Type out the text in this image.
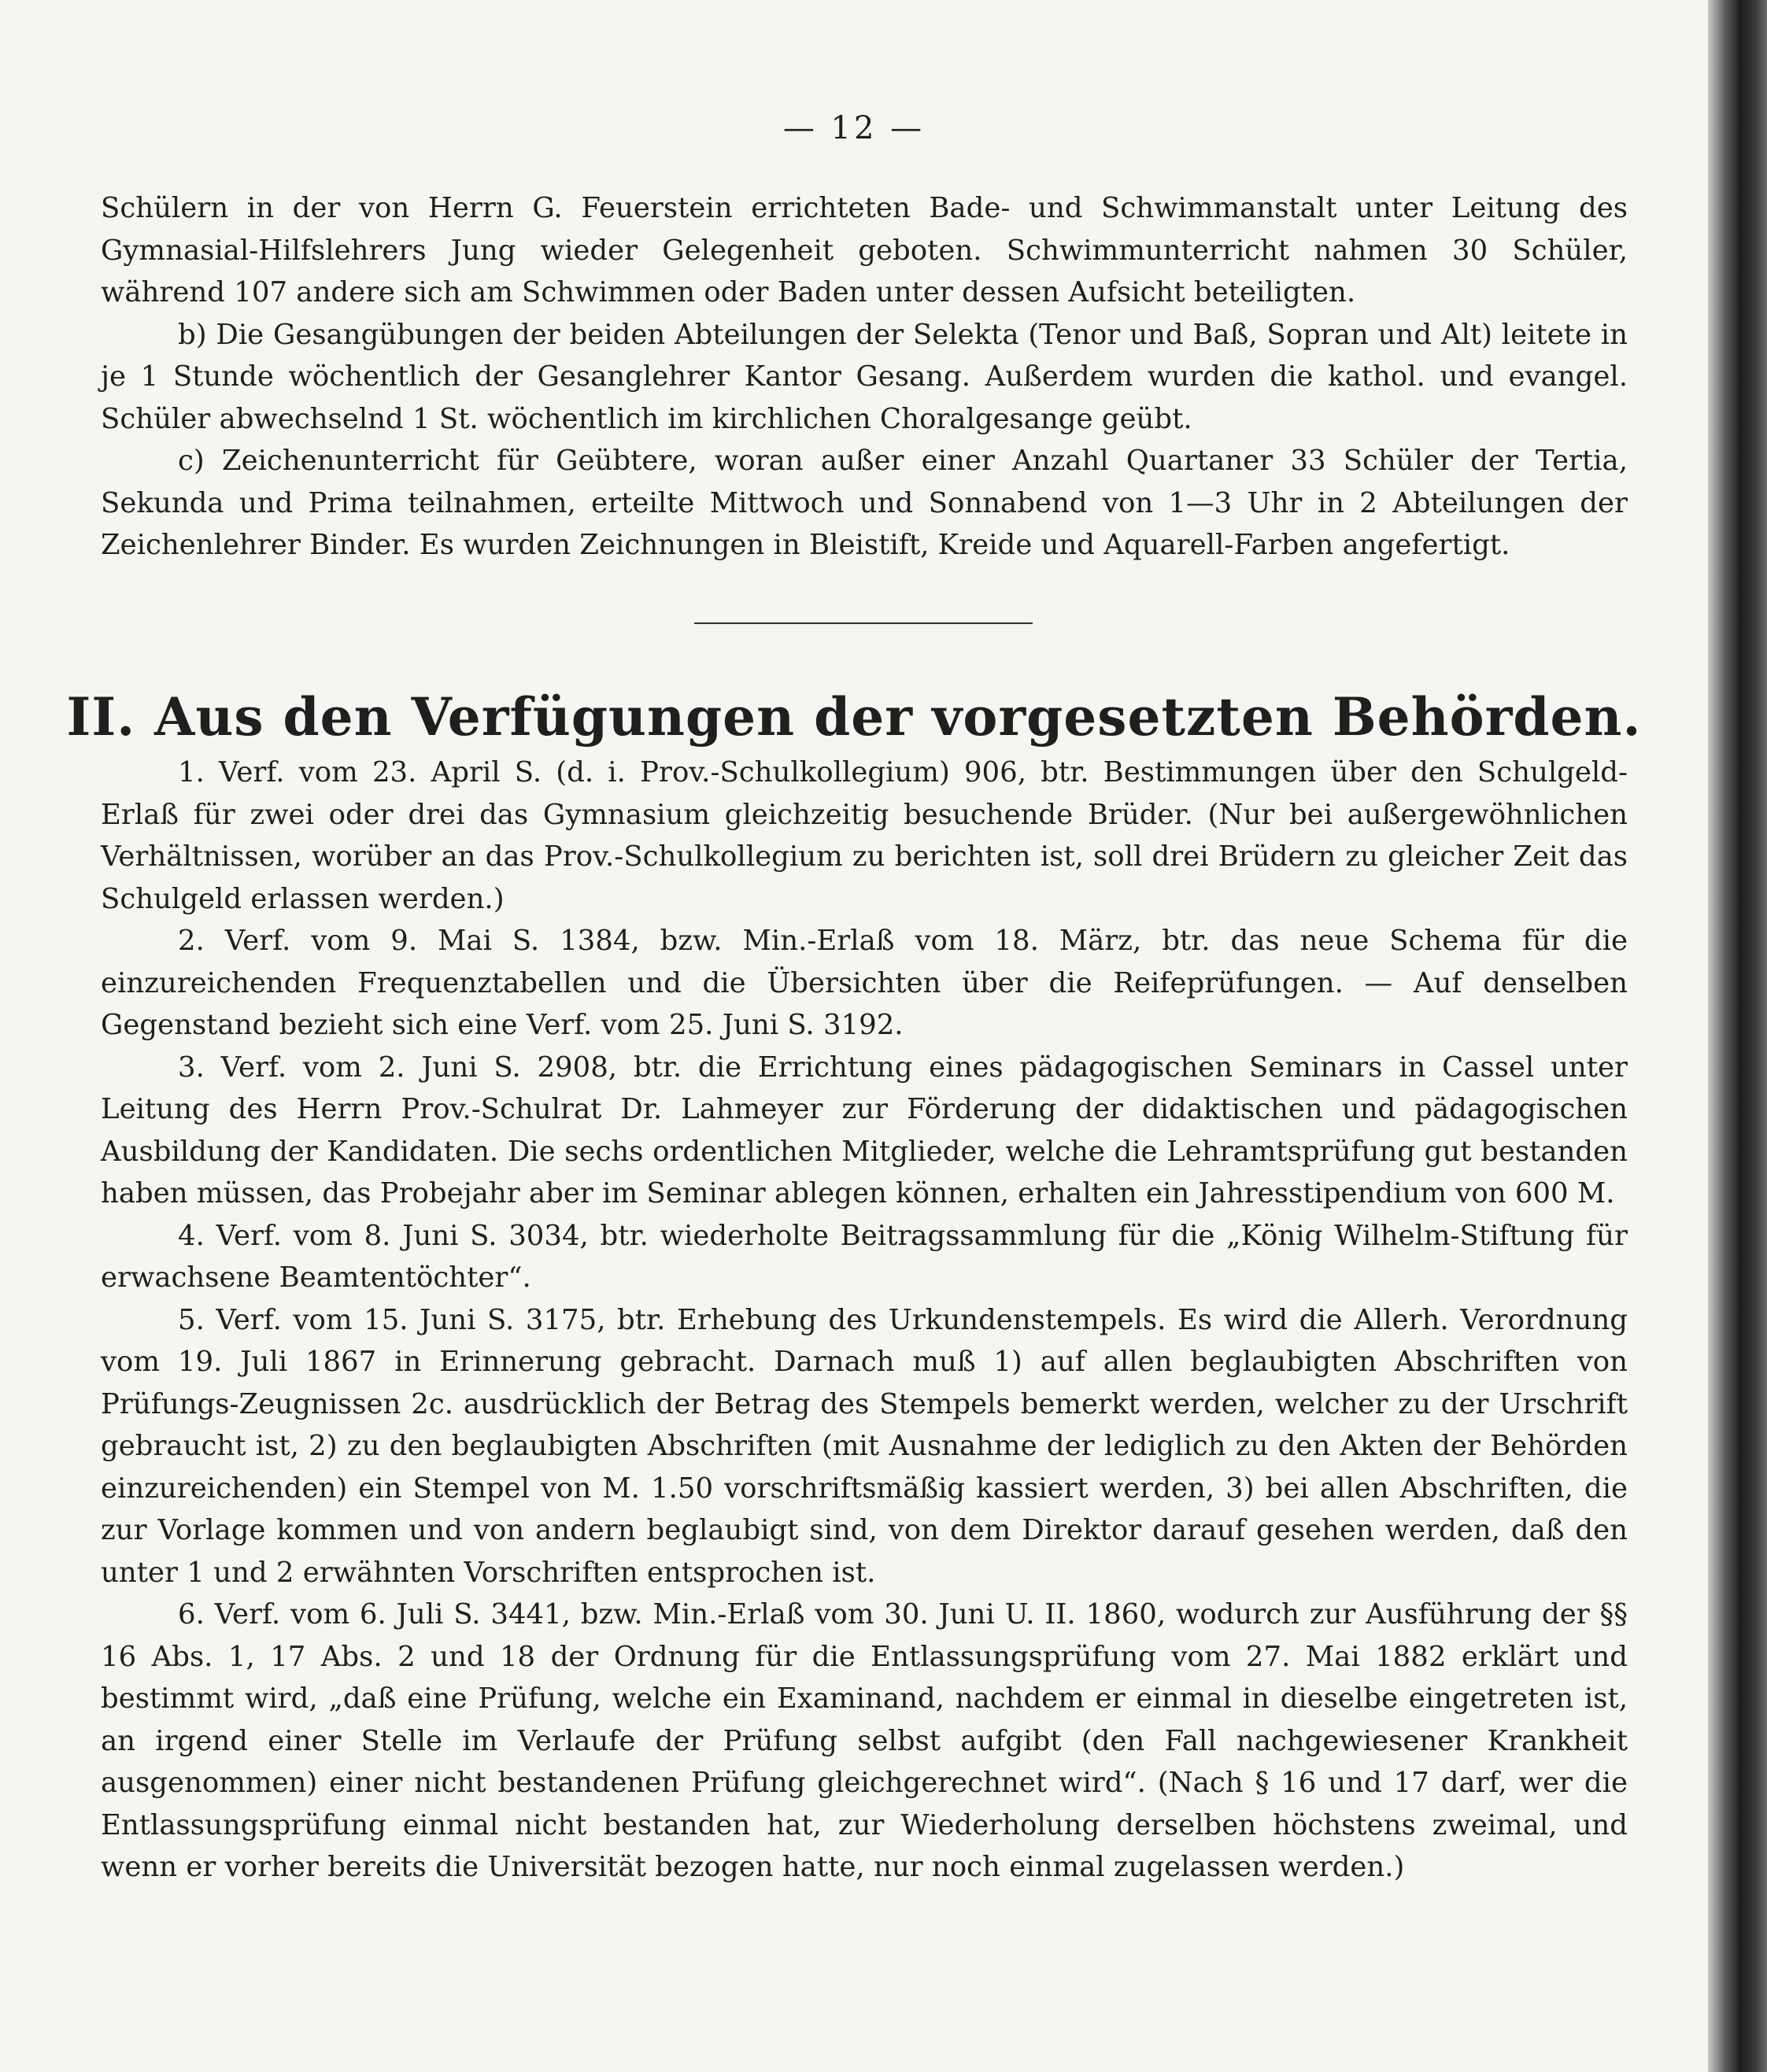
— 12 —

Schülern in der von Herrn G. Feuerstein errichteten Bade- und Schwimmanstalt unter Leitung des Gymnasial-Hilfslehrers Jung wieder Gelegenheit geboten. Schwimmunterricht nahmen 30 Schüler, während 107 andere sich am Schwimmen oder Baden unter dessen Aufsicht beteiligten.

b) Die Gesangübungen der beiden Abteilungen der Selekta (Tenor und Baß, Sopran und Alt) leitete in je 1 Stunde wöchentlich der Gesanglehrer Kantor Gesang. Außerdem wurden die kathol. und evangel. Schüler abwechselnd 1 St. wöchentlich im kirchlichen Choralgesange geübt.

c) Zeichenunterricht für Geübtere, woran außer einer Anzahl Quartaner 33 Schüler der Tertia, Sekunda und Prima teilnahmen, erteilte Mittwoch und Sonnabend von 1—3 Uhr in 2 Abteilungen der Zeichenlehrer Binder. Es wurden Zeichnungen in Bleistift, Kreide und Aquarell-Farben angefertigt.

II. Aus den Verfügungen der vorgesetzten Behörden.

1. Verf. vom 23. April S. (d. i. Prov.-Schulkollegium) 906, btr. Bestimmungen über den Schulgeld-Erlaß für zwei oder drei das Gymnasium gleichzeitig besuchende Brüder. (Nur bei außergewöhnlichen Verhältnissen, worüber an das Prov.-Schulkollegium zu berichten ist, soll drei Brüdern zu gleicher Zeit das Schulgeld erlassen werden.)

2. Verf. vom 9. Mai S. 1384, bzw. Min.-Erlaß vom 18. März, btr. das neue Schema für die einzureichenden Frequenztabellen und die Übersichten über die Reifeprüfungen. — Auf denselben Gegenstand bezieht sich eine Verf. vom 25. Juni S. 3192.

3. Verf. vom 2. Juni S. 2908, btr. die Errichtung eines pädagogischen Seminars in Cassel unter Leitung des Herrn Prov.-Schulrat Dr. Lahmeyer zur Förderung der didaktischen und pädagogischen Ausbildung der Kandidaten. Die sechs ordentlichen Mitglieder, welche die Lehramtsprüfung gut bestanden haben müssen, das Probejahr aber im Seminar ablegen können, erhalten ein Jahresstipendium von 600 M.

4. Verf. vom 8. Juni S. 3034, btr. wiederholte Beitragssammlung für die „König Wilhelm-Stiftung für erwachsene Beamtentöchter“.

5. Verf. vom 15. Juni S. 3175, btr. Erhebung des Urkundenstempels. Es wird die Allerh. Verordnung vom 19. Juli 1867 in Erinnerung gebracht. Darnach muß 1) auf allen beglaubigten Abschriften von Prüfungs-Zeugnissen 2c. ausdrücklich der Betrag des Stempels bemerkt werden, welcher zu der Urschrift gebraucht ist, 2) zu den beglaubigten Abschriften (mit Ausnahme der lediglich zu den Akten der Behörden einzureichenden) ein Stempel von M. 1.50 vorschriftsmäßig kassiert werden, 3) bei allen Abschriften, die zur Vorlage kommen und von andern beglaubigt sind, von dem Direktor darauf gesehen werden, daß den unter 1 und 2 erwähnten Vorschriften entsprochen ist.

6. Verf. vom 6. Juli S. 3441, bzw. Min.-Erlaß vom 30. Juni U. II. 1860, wodurch zur Ausführung der §§ 16 Abs. 1, 17 Abs. 2 und 18 der Ordnung für die Entlassungsprüfung vom 27. Mai 1882 erklärt und bestimmt wird, „daß eine Prüfung, welche ein Examinand, nachdem er einmal in dieselbe eingetreten ist, an irgend einer Stelle im Verlaufe der Prüfung selbst aufgibt (den Fall nachgewiesener Krankheit ausgenommen) einer nicht bestandenen Prüfung gleichgerechnet wird“. (Nach § 16 und 17 darf, wer die Entlassungsprüfung einmal nicht bestanden hat, zur Wiederholung derselben höchstens zweimal, und wenn er vorher bereits die Universität bezogen hatte, nur noch einmal zugelassen werden.)
